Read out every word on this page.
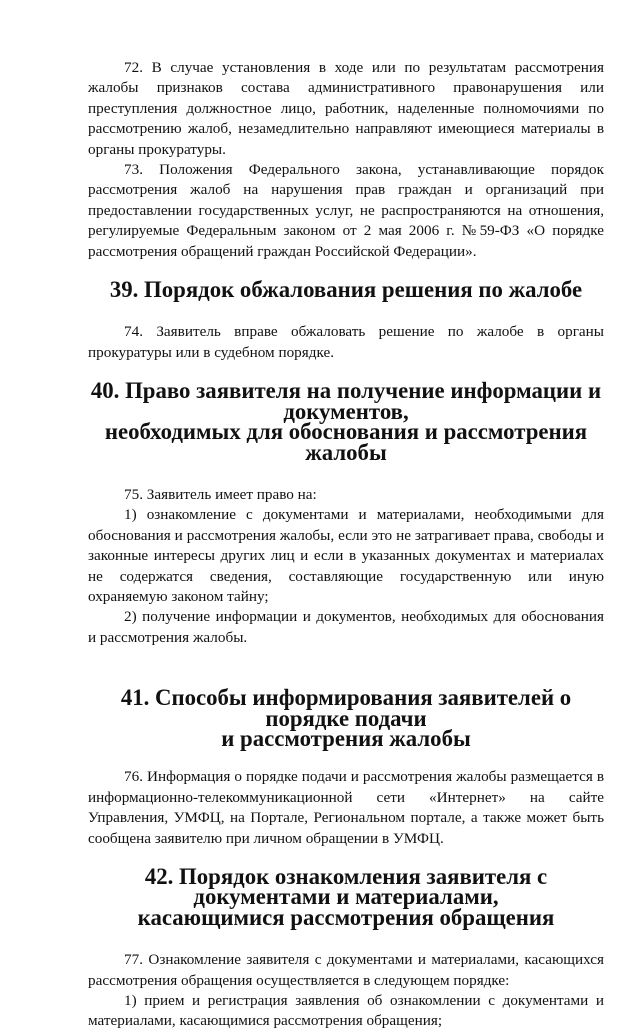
72. В случае установления в ходе или по результатам рассмотрения жалобы признаков состава административного правонарушения или преступления должностное лицо, работник, наделенные полномочиями по рассмотрению жалоб, незамедлительно направляют имеющиеся материалы в органы прокуратуры.

73. Положения Федерального закона, устанавливающие порядок рассмотрения жалоб на нарушения прав граждан и организаций при предоставлении государственных услуг, не распространяются на отношения, регулируемые Федеральным законом от 2 мая 2006 г. №59-ФЗ «О порядке рассмотрения обращений граждан Российской Федерации».

39. Порядок обжалования решения по жалобе

74. Заявитель вправе обжаловать решение по жалобе в органы прокуратуры или в судебном порядке.

40. Право заявителя на получение информации и документов,
необходимых для обоснования и рассмотрения жалобы

75. Заявитель имеет право на:

1) ознакомление с документами и материалами, необходимыми для обоснования и рассмотрения жалобы, если это не затрагивает права, свободы и законные интересы других лиц и если в указанных документах и материалах не содержатся сведения, составляющие государственную или иную охраняемую законом тайну;

2) получение информации и документов, необходимых для обоснования и рассмотрения жалобы.

41. Способы информирования заявителей о порядке подачи
и рассмотрения жалобы

76. Информация о порядке подачи и рассмотрения жалобы размещается в информационно-телекоммуникационной сети «Интернет» на сайте Управления, УМФЦ, на Портале, Региональном портале, а также может быть сообщена заявителю при личном обращении в УМФЦ.

42. Порядок ознакомления заявителя с документами и материалами,
касающимися рассмотрения обращения

77. Ознакомление заявителя с документами и материалами, касающихся рассмотрения обращения осуществляется в следующем порядке:

1) прием и регистрация заявления об ознакомлении с документами и материалами, касающимися рассмотрения обращения;
